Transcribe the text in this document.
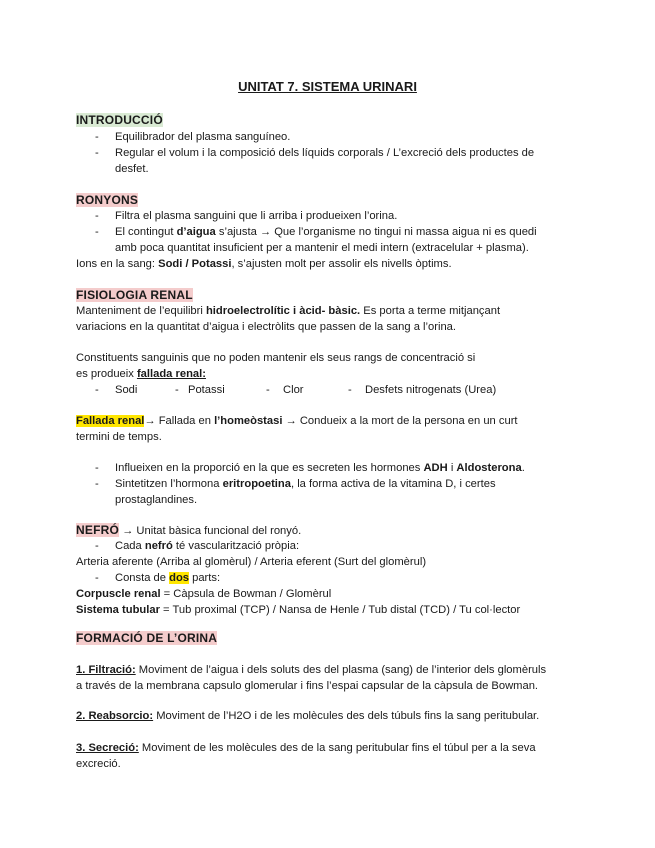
UNITAT 7. SISTEMA URINARI
INTRODUCCIÓ
- Equilibrador del plasma sanguíneo.
- Regular el volum i la composició dels líquids corporals / L’excreció dels productes de
desfet.
RONYONS
- Filtra el plasma sanguini que li arriba i produeixen l’orina.
- El contingut d’aigua s’ajusta → Que l’organisme no tingui ni massa aigua ni es quedi
amb poca quantitat insuficient per a mantenir el medi intern (extracelular + plasma).
Ions en la sang: Sodi / Potassi, s’ajusten molt per assolir els nivells òptims.
FISIOLOGIA RENAL
Manteniment de l’equilibri hidroelectrolític i àcid- bàsic. Es porta a terme mitjançant
variacions en la quantitat d’aigua i electròlits que passen de la sang a l’orina.
Constituents sanguinis que no poden mantenir els seus rangs de concentració si
es produeix fallada renal:
- Sodi	- Potassi	- Clor	- Desfets nitrogenats (Urea)
Fallada renal→ Fallada en l’homeòstasi → Condueix a la mort de la persona en un curt
termini de temps.
- Influeixen en la proporció en la que es secreten les hormones ADH i Aldosterona.
- Sintetitzen l’hormona eritropoetina, la forma activa de la vitamina D, i certes
prostaglandines.
NEFRÓ → Unitat bàsica funcional del ronyó.
- Cada nefró té vascularització pròpia:
Arteria aferente (Arriba al glomèrul) / Arteria eferent (Surt del glomèrul)
- Consta de dos parts:
Corpuscle renal = Càpsula de Bowman / Glomèrul
Sistema tubular = Tub proximal (TCP) / Nansa de Henle / Tub distal (TCD) / Tu col·lector
FORMACIÓ DE L’ORINA
1. Filtració: Moviment de l’aigua i dels soluts des del plasma (sang) de l’interior dels glomèruls
a través de la membrana capsulo glomerular i fins l’espai capsular de la càpsula de Bowman.
2. Reabsorcio: Moviment de l’H2O i de les molècules des dels túbuls fins la sang peritubular.
3. Secreció: Moviment de les molècules des de la sang peritubular fins el túbul per a la seva
excreció.
